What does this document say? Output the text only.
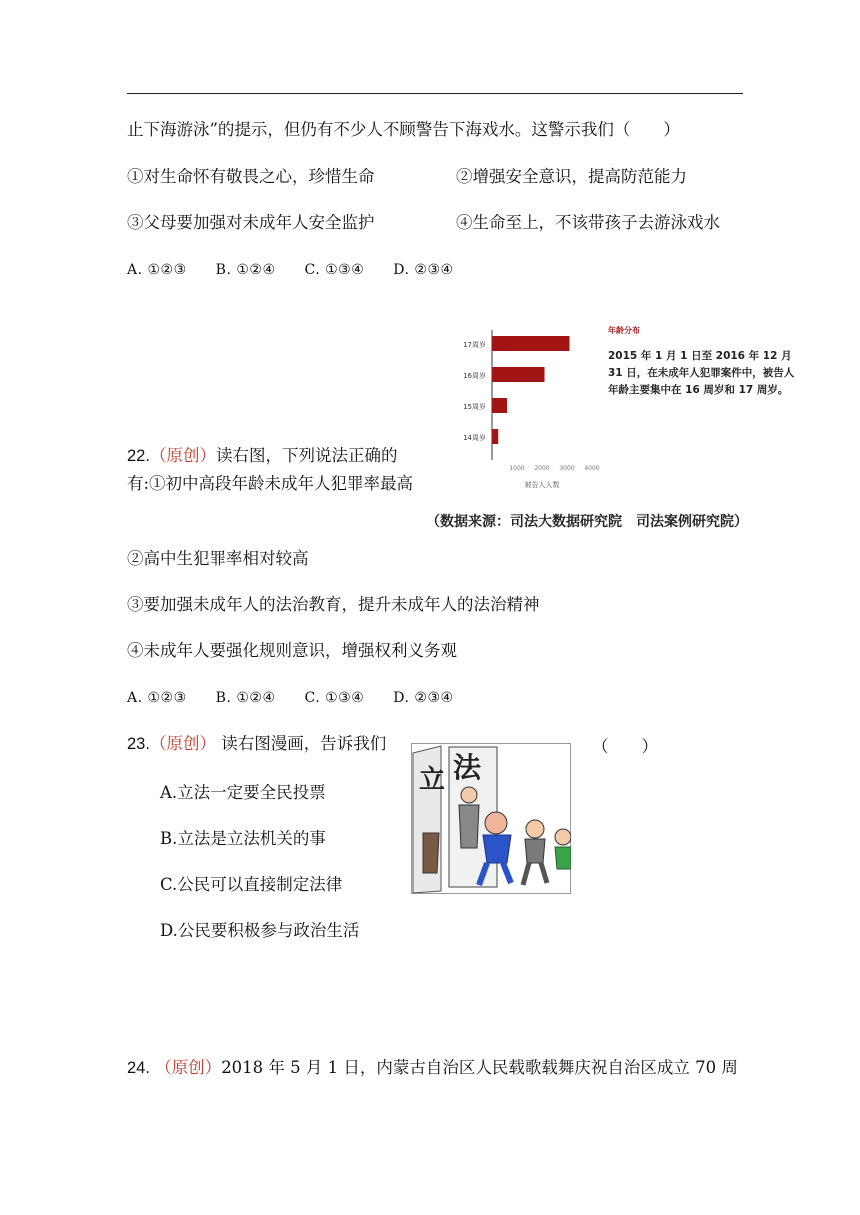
止下海游泳”的提示，但仍有不少人不顾警告下海戏水。这警示我们（　　）
①对生命怀有敬畏之心，珍惜生命	②增强安全意识，提高防范能力
③父母要加强对未成年人安全监护	④生命至上，不该带孩子去游泳戏水
A. ①②③　　B. ①②④　　C. ①③④　　D. ②③④
17周岁
16周岁
15周岁
14周岁
1000 2000 3000 4000
被告人人数
年龄分布
2015 年 1 月 1 日至 2016 年 12 月 31 日，在未成年人犯罪案件中，被告人年龄主要集中在 16 周岁和 17 周岁。
（数据来源：司法大数据研究院　司法案例研究院）
22.（原创）读右图，下列说法正确的有:①初中高段年龄未成年人犯罪率最高
②高中生犯罪率相对较高
③要加强未成年人的法治教育，提升未成年人的法治精神
④未成年人要强化规则意识，增强权利义务观
A. ①②③　　B. ①②④　　C. ①③④　　D. ②③④
23.（原创） 读右图漫画，告诉我们	（　　）
立 法
A.立法一定要全民投票
B.立法是立法机关的事
C.公民可以直接制定法律
D.公民要积极参与政治生活
24. （原创）2018 年 5 月 1 日，内蒙古自治区人民载歌载舞庆祝自治区成立 70 周
